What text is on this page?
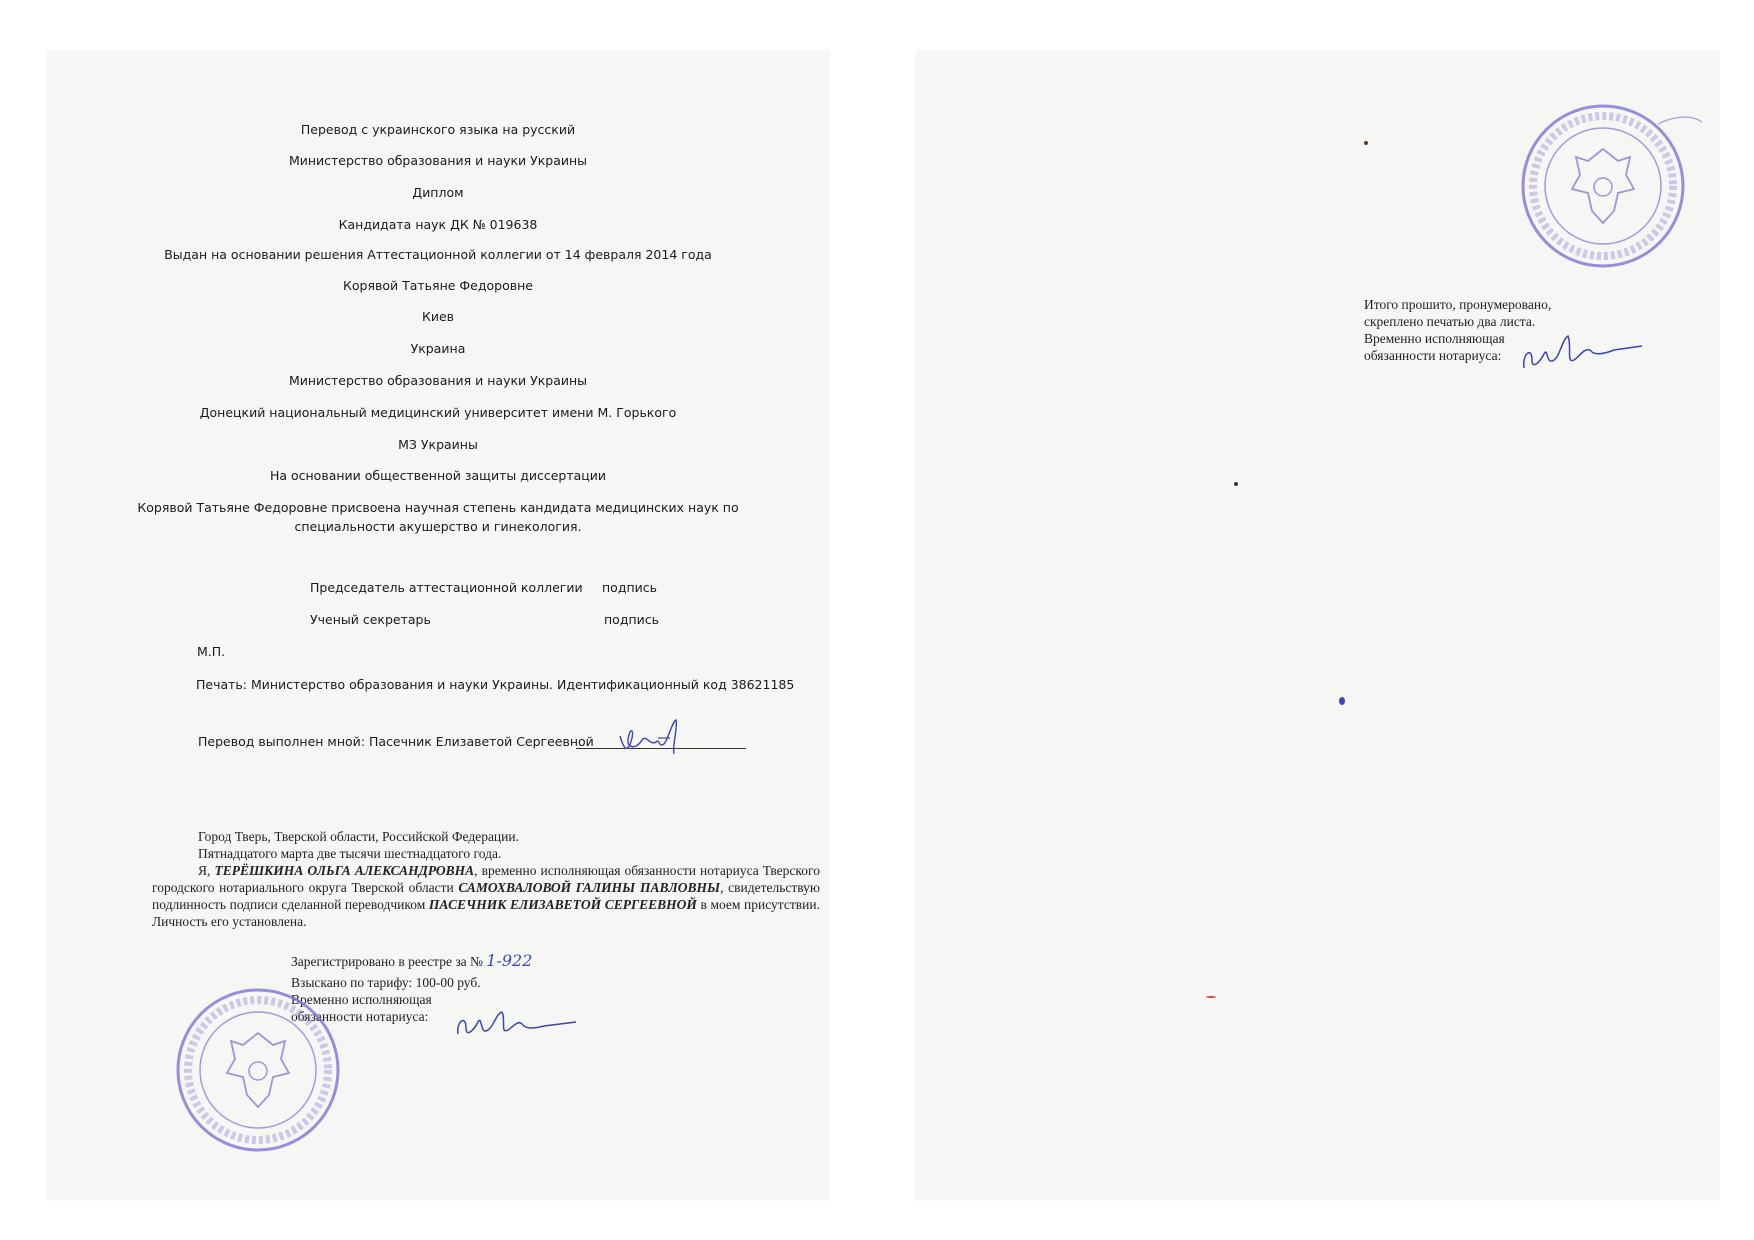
Перевод с украинского языка на русский
Министерство образования и науки Украины
Диплом
Кандидата наук ДК № 019638
Выдан на основании решения Аттестационной коллегии от 14 февраля 2014 года
Корявой Татьяне Федоровне
Киев
Украина
Министерство образования и науки Украины
Донецкий национальный медицинский университет имени М. Горького
МЗ Украины
На основании общественной защиты диссертации
Корявой Татьяне Федоровне присвоена научная степень кандидата медицинских наук по
специальности акушерство и гинекология.
Председатель аттестационной коллегии подпись
Ученый секретарь	подпись
М.П.
Печать: Министерство образования и науки Украины. Идентификационный код 38621185
Перевод выполнен мной: Пасечник Елизаветой Сергеевной

Город Тверь, Тверской области, Российской Федерации.

Пятнадцатого марта две тысячи шестнадцатого года.

Я, ТЕРЁШКИНА ОЛЬГА АЛЕКСАНДРОВНА, временно исполняющая обязанности нотариуса Тверского городского нотариального округа Тверской области САМОХВАЛОВОЙ ГАЛИНЫ ПАВЛОВНЫ, свидетельствую подлинность подписи сделанной переводчиком ПАСЕЧНИК ЕЛИЗАВЕТОЙ СЕРГЕЕВНОЙ в моем присутствии. Личность его установлена.

Зарегистрировано в реестре за № 1-922
Взыскано по тарифу: 100-00 руб.
Временно исполняющая
обязанности нотариуса:
Итого прошито, пронумеровано,
скреплено печатью два листа.
Временно исполняющая
обязанности нотариуса:
